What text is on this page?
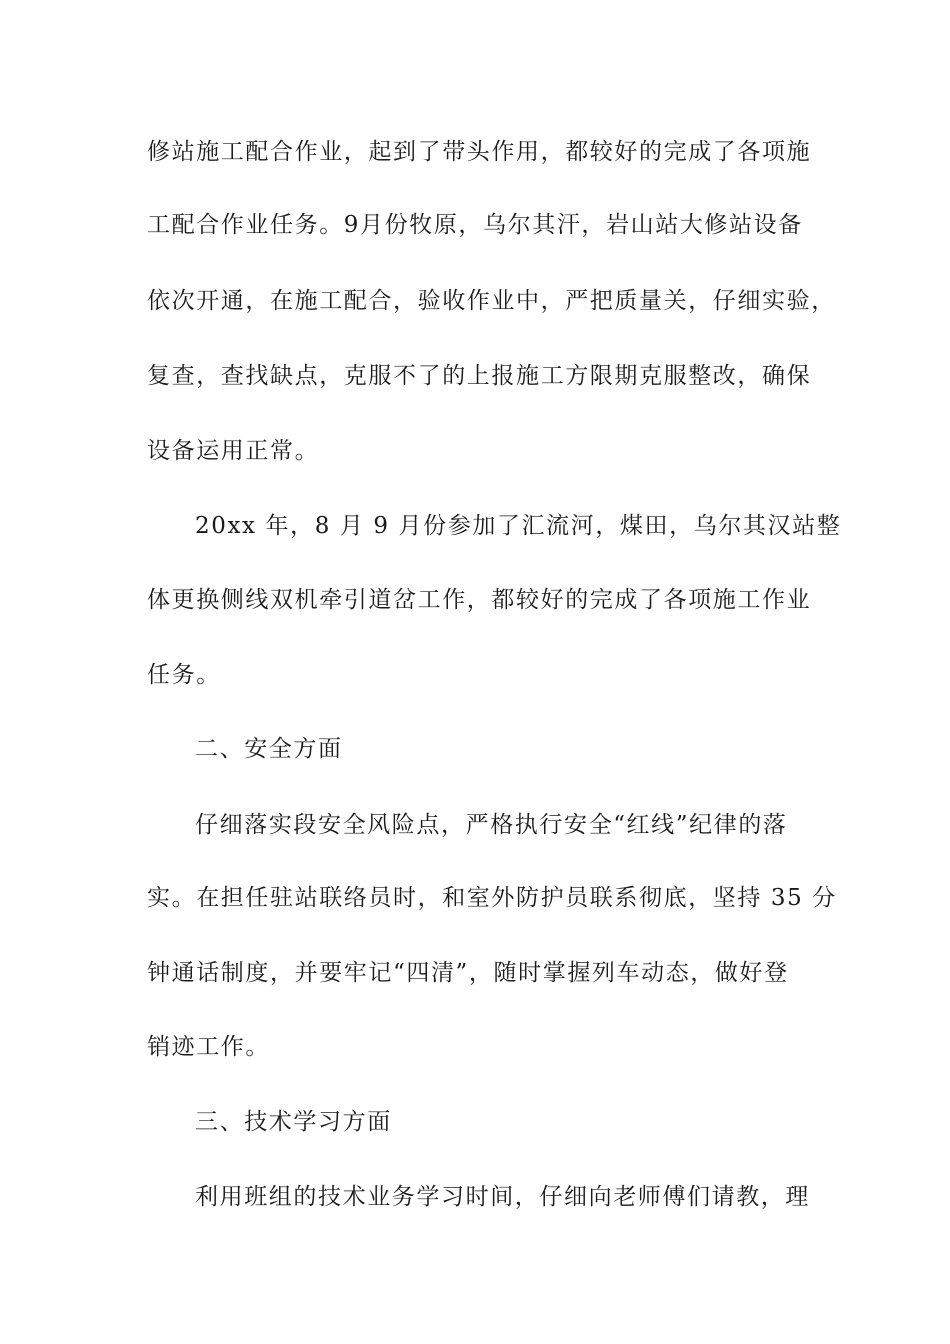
修站施工配合作业，起到了带头作用，都较好的完成了各项施
工配合作业任务。9月份牧原，乌尔其汗，岩山站大修站设备
依次开通，在施工配合，验收作业中，严把质量关，仔细实验，
复查，查找缺点，克服不了的上报施工方限期克服整改，确保
设备运用正常。
20xx 年，8 月 9 月份参加了汇流河，煤田，乌尔其汉站整
体更换侧线双机牵引道岔工作，都较好的完成了各项施工作业
任务。
二、安全方面
仔细落实段安全风险点，严格执行安全“红线”纪律的落
实。在担任驻站联络员时，和室外防护员联系彻底，坚持 35 分
钟通话制度，并要牢记“四清”，随时掌握列车动态，做好登
销迹工作。
三、技术学习方面
利用班组的技术业务学习时间，仔细向老师傅们请教，理
